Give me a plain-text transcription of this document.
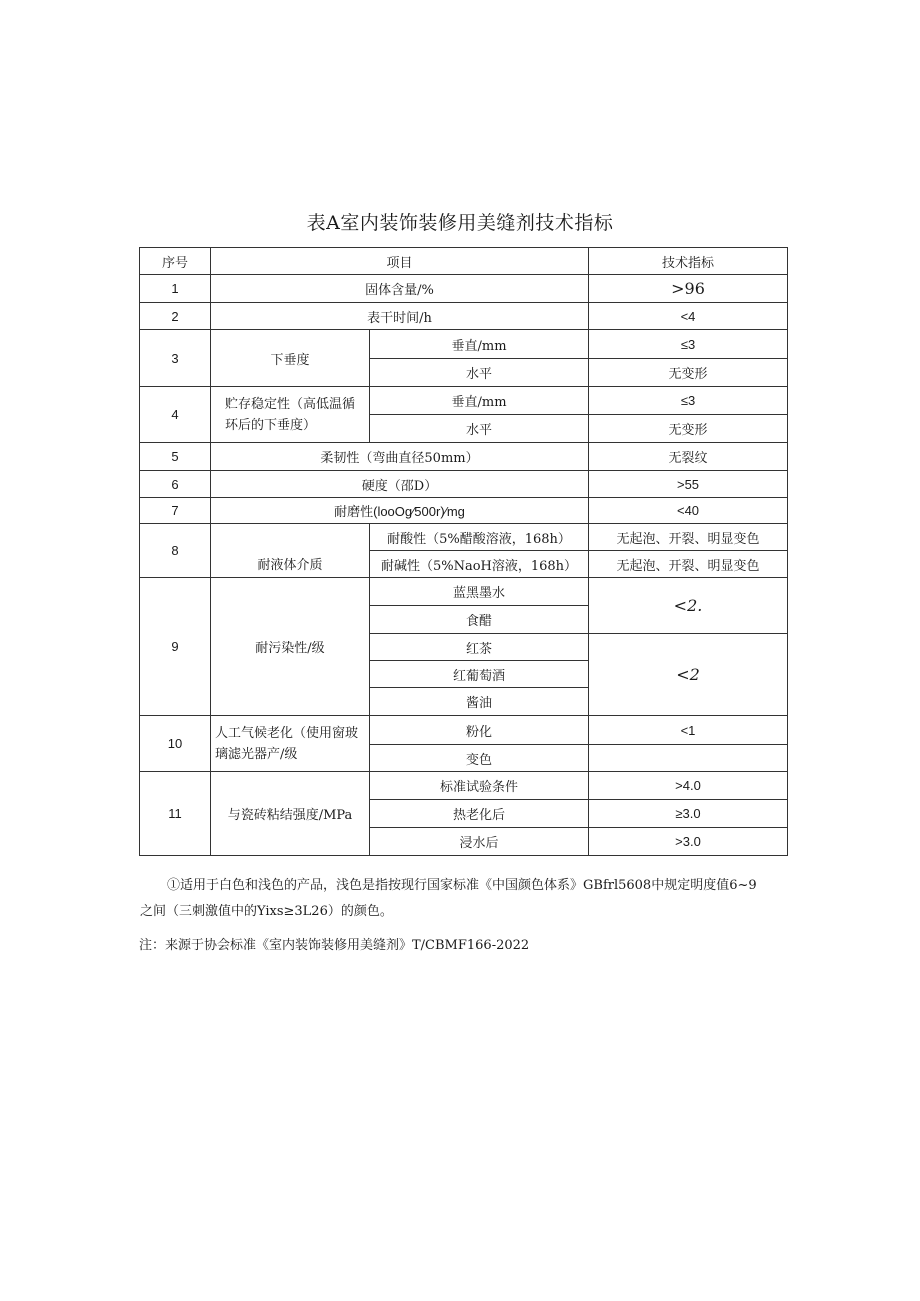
表A室内装饰装修用美缝剂技术指标
序号	项目		技术指标
1	固体含量/%		>96
2	表干时间/h		<4
3	下垂度	垂直/mm	≤3
		水平	无变形
4	贮存稳定性（高低温循环后的下垂度）	垂直/mm	≤3
		水平	无变形
5	柔韧性（弯曲直径50mm）		无裂纹
6	硬度（邵D）		>55
7	耐磨性(looOg∕500r)∕mg		<40
8	耐液体介质	耐酸性（5%醋酸溶液，168h）	无起泡、开裂、明显变色
		耐碱性（5%NaoH溶液，168h）	无起泡、开裂、明显变色
9	耐污染性/级	蓝黑墨水	<2.
		食醋	
		红茶	<2
		红葡萄酒	
		酱油	
10	人工气候老化（使用窗玻璃滤光器产/级	粉化	<1
		变色	
11	与瓷砖粘结强度/MPa	标准试验条件	>4.0
		热老化后	≥3.0
		浸水后	>3.0
①适用于白色和浅色的产品，浅色是指按现行国家标准《中国颜色体系》GBfrl5608中规定明度值6~9
之间（三刺激值中的Yixs≥3L26）的颜色。
注：来源于协会标准《室内装饰装修用美缝剂》T/CBMF166-2022
